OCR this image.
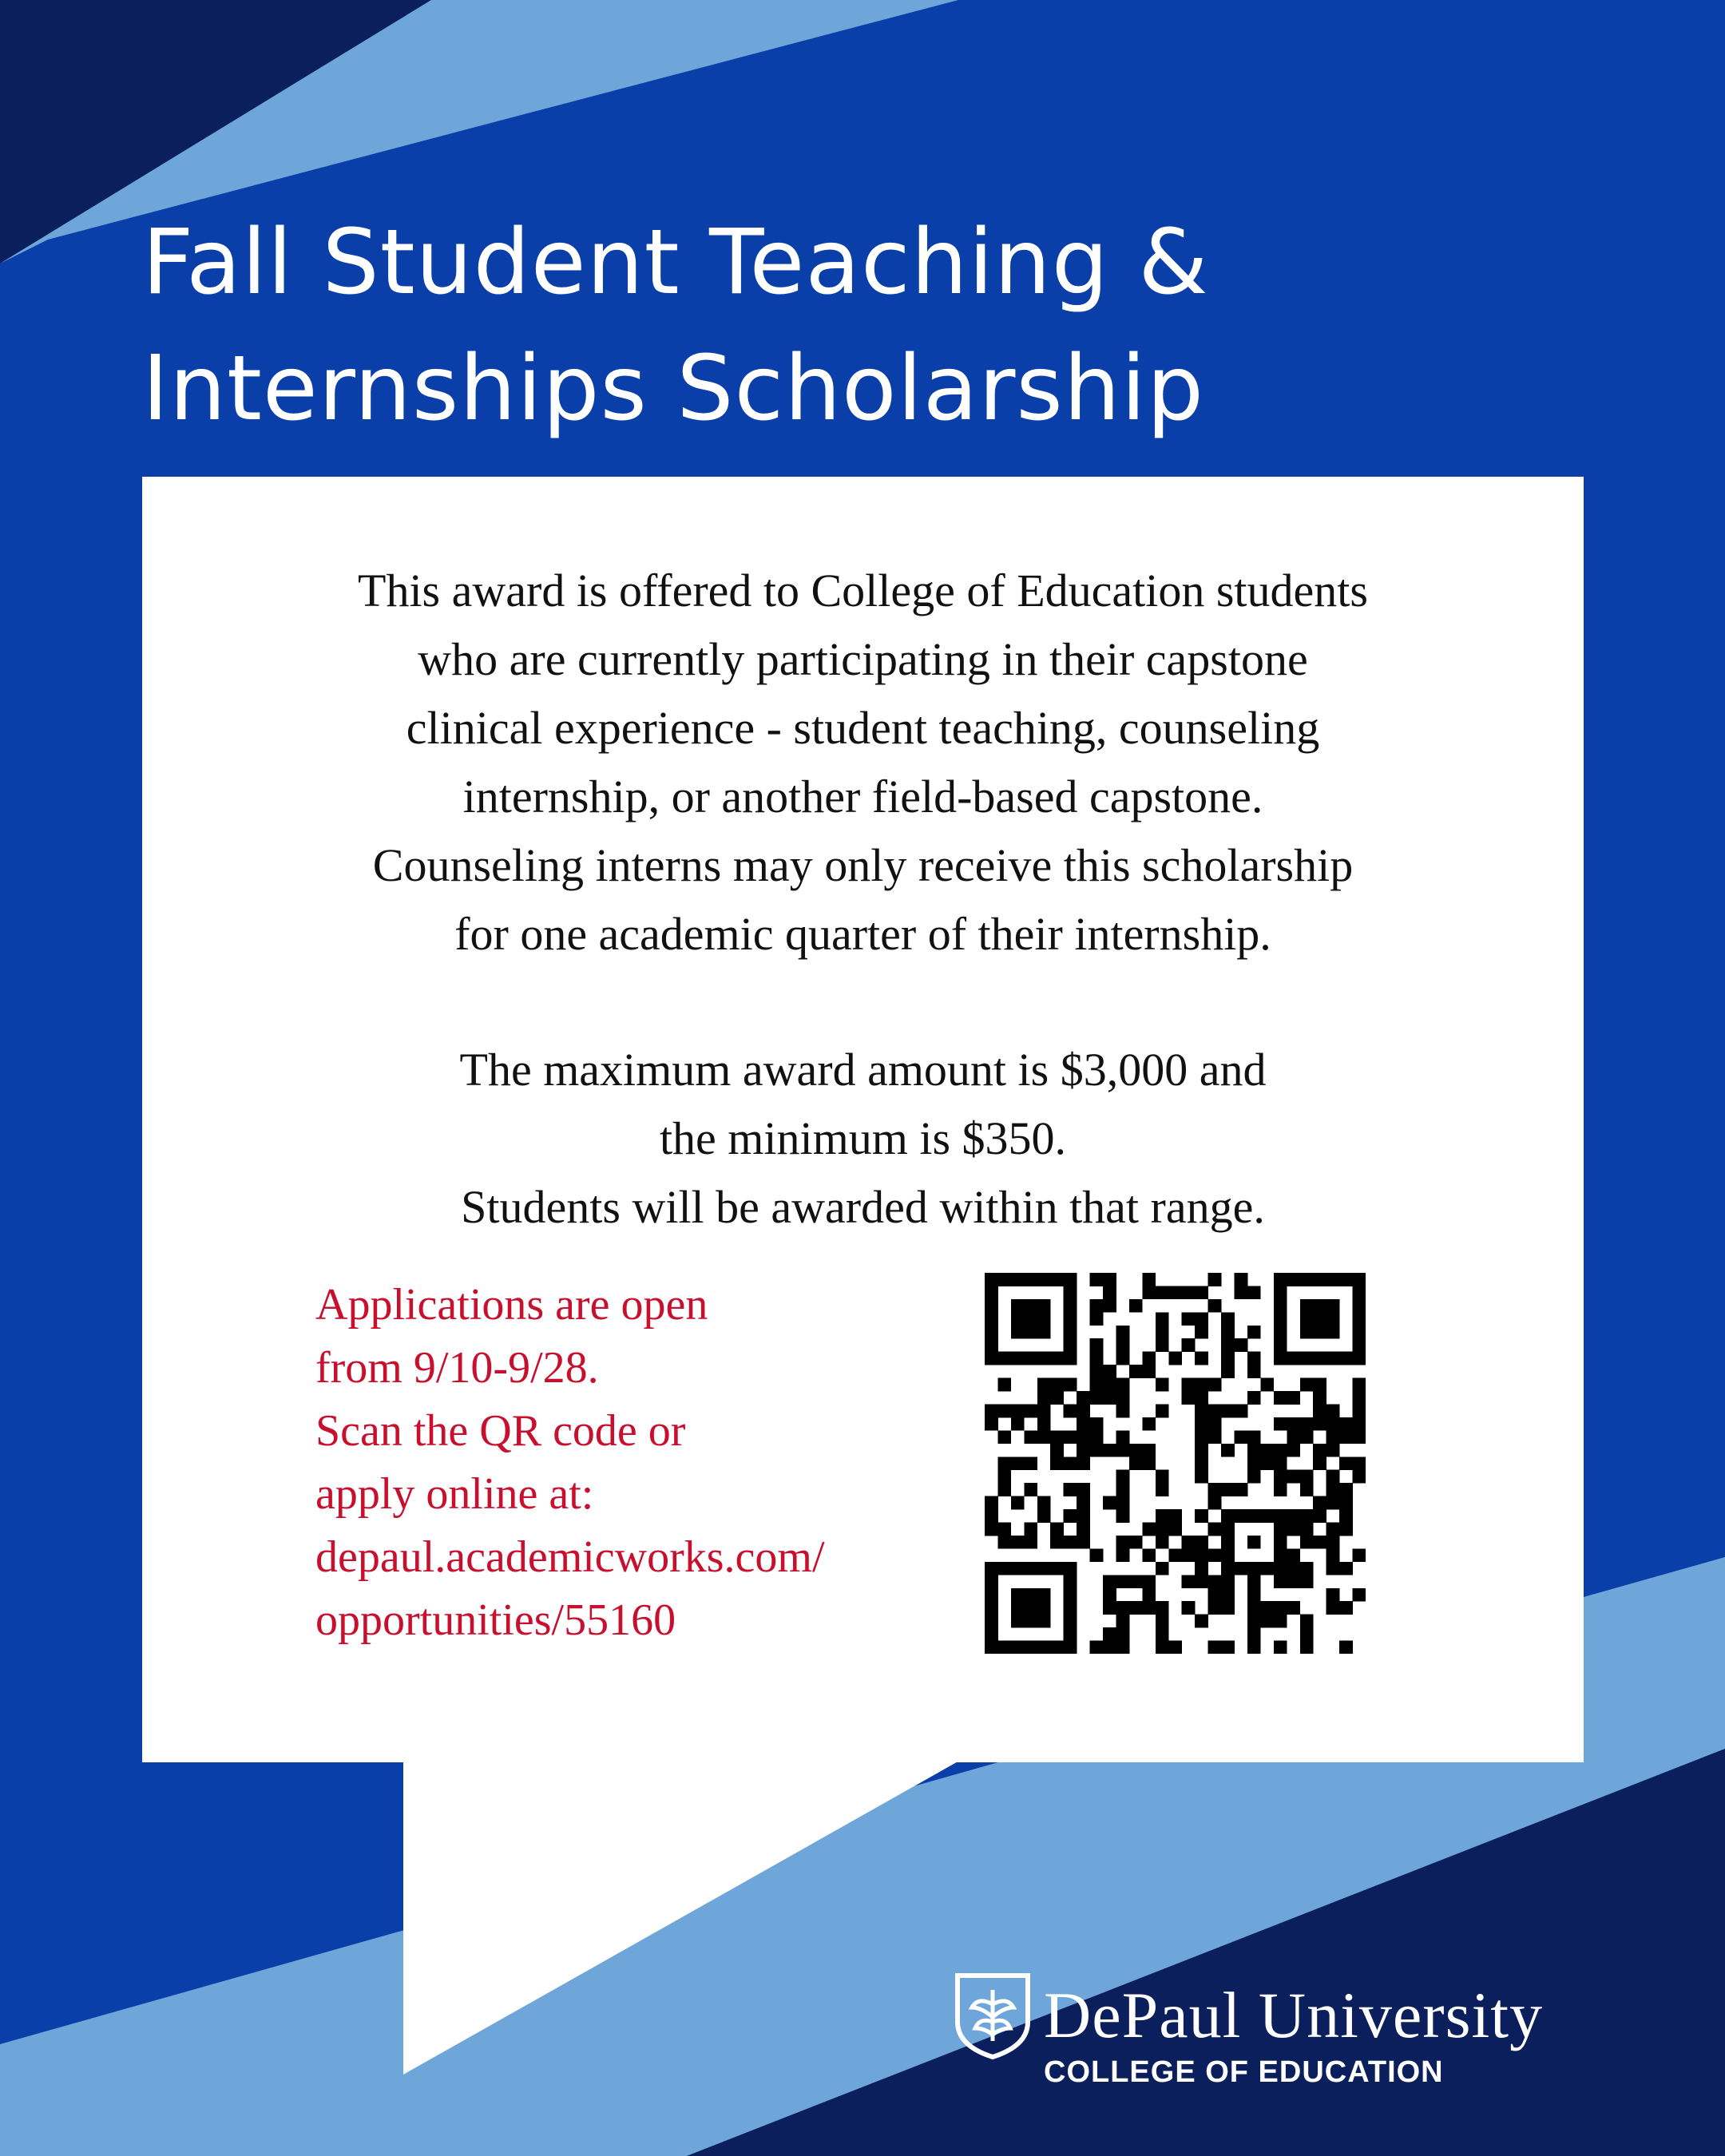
Fall Student Teaching &
Internships Scholarship
This award is offered to College of Education students
who are currently participating in their capstone
clinical experience - student teaching, counseling
internship, or another field-based capstone.
Counseling interns may only receive this scholarship
for one academic quarter of their internship.
The maximum award amount is $3,000 and
the minimum is $350.
Students will be awarded within that range.
Applications are open
from 9/10-9/28.
Scan the QR code or
apply online at:
depaul.academicworks.com/
opportunities/55160
DePaul University
COLLEGE OF EDUCATION
